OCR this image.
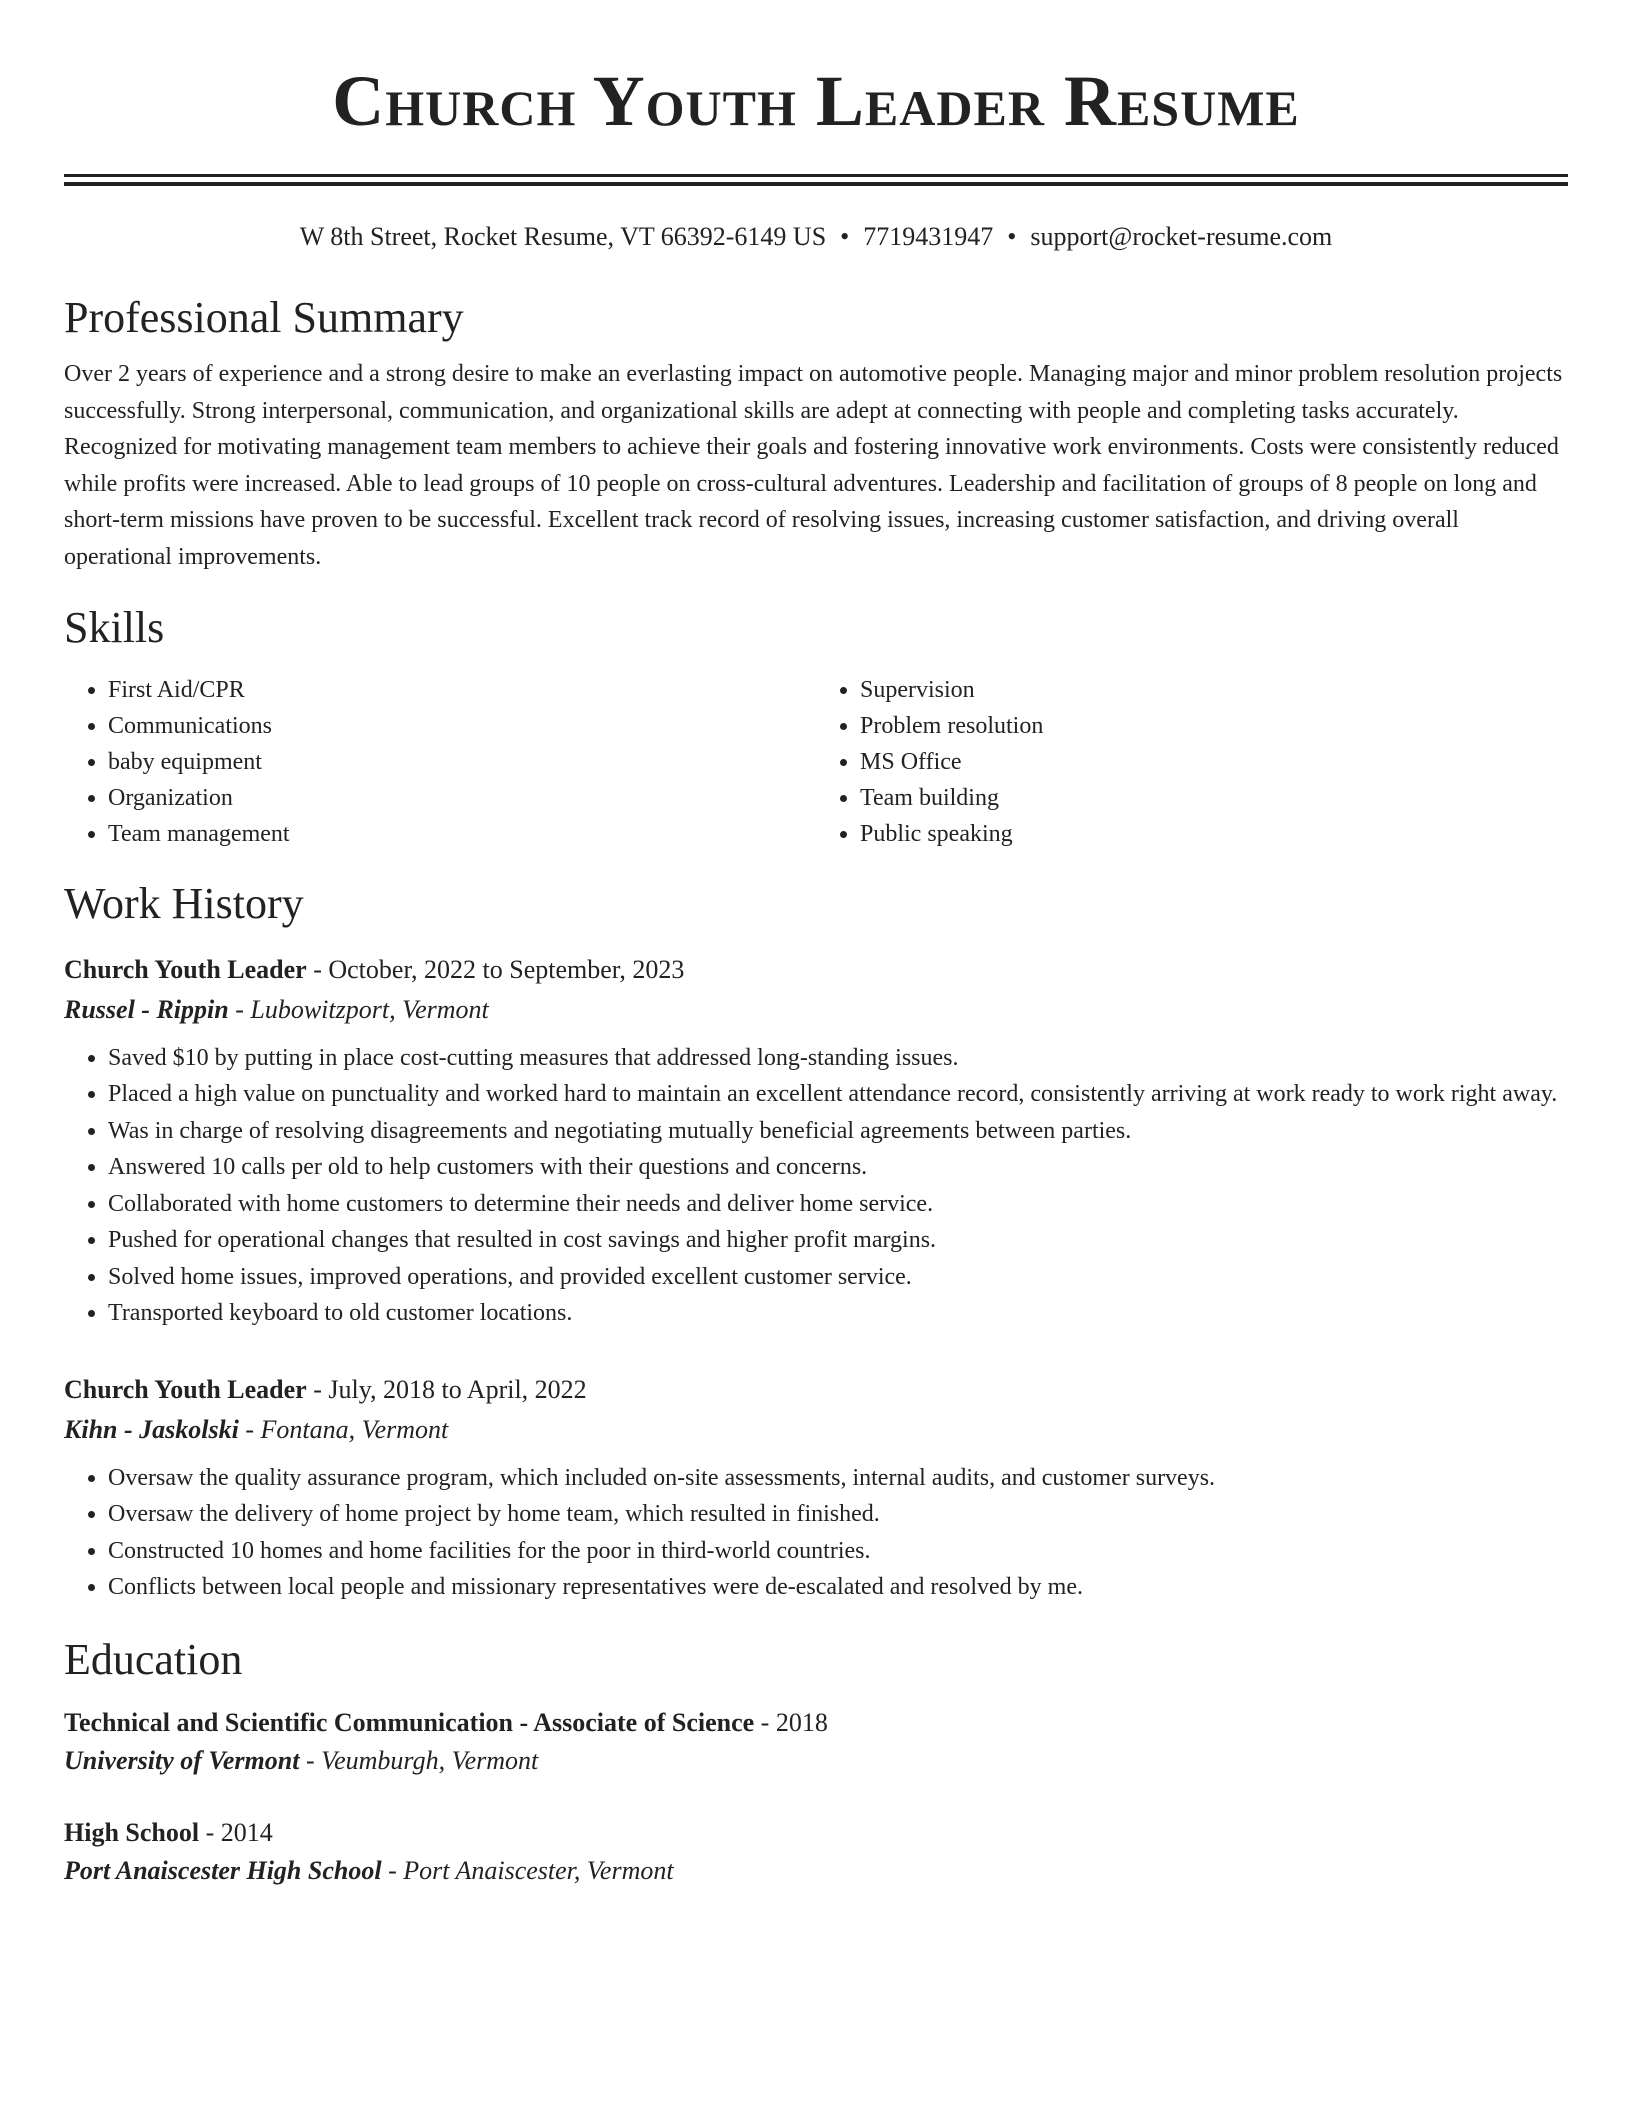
Church Youth Leader Resume
W 8th Street, Rocket Resume, VT 66392-6149 US • 7719431947 • support@rocket-resume.com
Professional Summary

Over 2 years of experience and a strong desire to make an everlasting impact on automotive people. Managing major and minor problem resolution projects successfully. Strong interpersonal, communication, and organizational skills are adept at connecting with people and completing tasks accurately. Recognized for motivating management team members to achieve their goals and fostering innovative work environments. Costs were consistently reduced while profits were increased. Able to lead groups of 10 people on cross-cultural adventures. Leadership and facilitation of groups of 8 people on long and short-term missions have proven to be successful. Excellent track record of resolving issues, increasing customer satisfaction, and driving overall operational improvements.

Skills
• First Aid/CPR
• Communications
• baby equipment
• Organization
• Team management
• Supervision
• Problem resolution
• MS Office
• Team building
• Public speaking
Work History
Church Youth Leader - October, 2022 to September, 2023
Russel - Rippin - Lubowitzport, Vermont
• Saved $10 by putting in place cost-cutting measures that addressed long-standing issues.
• Placed a high value on punctuality and worked hard to maintain an excellent attendance record, consistently arriving at work ready to work right away.
• Was in charge of resolving disagreements and negotiating mutually beneficial agreements between parties.
• Answered 10 calls per old to help customers with their questions and concerns.
• Collaborated with home customers to determine their needs and deliver home service.
• Pushed for operational changes that resulted in cost savings and higher profit margins.
• Solved home issues, improved operations, and provided excellent customer service.
• Transported keyboard to old customer locations.
Church Youth Leader - July, 2018 to April, 2022
Kihn - Jaskolski - Fontana, Vermont
• Oversaw the quality assurance program, which included on-site assessments, internal audits, and customer surveys.
• Oversaw the delivery of home project by home team, which resulted in finished.
• Constructed 10 homes and home facilities for the poor in third-world countries.
• Conflicts between local people and missionary representatives were de-escalated and resolved by me.
Education
Technical and Scientific Communication - Associate of Science - 2018
University of Vermont - Veumburgh, Vermont
High School - 2014
Port Anaiscester High School - Port Anaiscester, Vermont
